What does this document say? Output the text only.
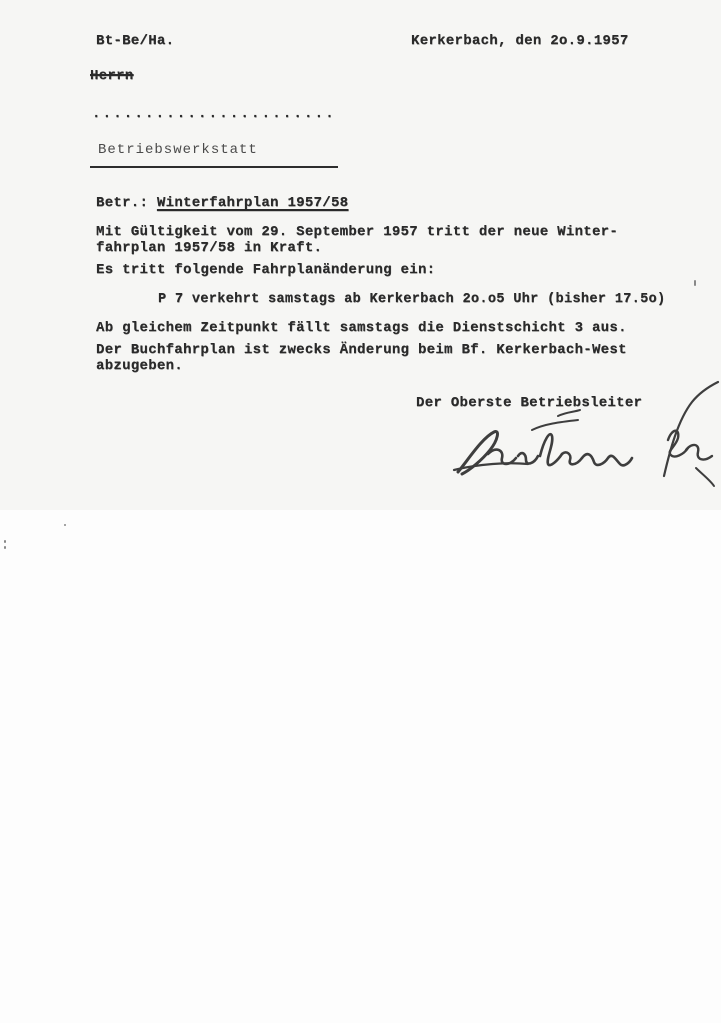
Bt-Be/Ha.	Kerkerbach, den 2o.9.1957
Herrn
.......................
Betriebswerkstatt
Betr.: Winterfahrplan 1957/58
Mit Gültigkeit vom 29. September 1957 tritt der neue Winter-
fahrplan 1957/58 in Kraft.
Es tritt folgende Fahrplanänderung ein:
P 7 verkehrt samstags ab Kerkerbach 2o.o5 Uhr (bisher 17.5o)
Ab gleichem Zeitpunkt fällt samstags die Dienstschicht 3 aus.
Der Buchfahrplan ist zwecks Änderung beim Bf. Kerkerbach-West
abzugeben.
Der Oberste Betriebsleiter
